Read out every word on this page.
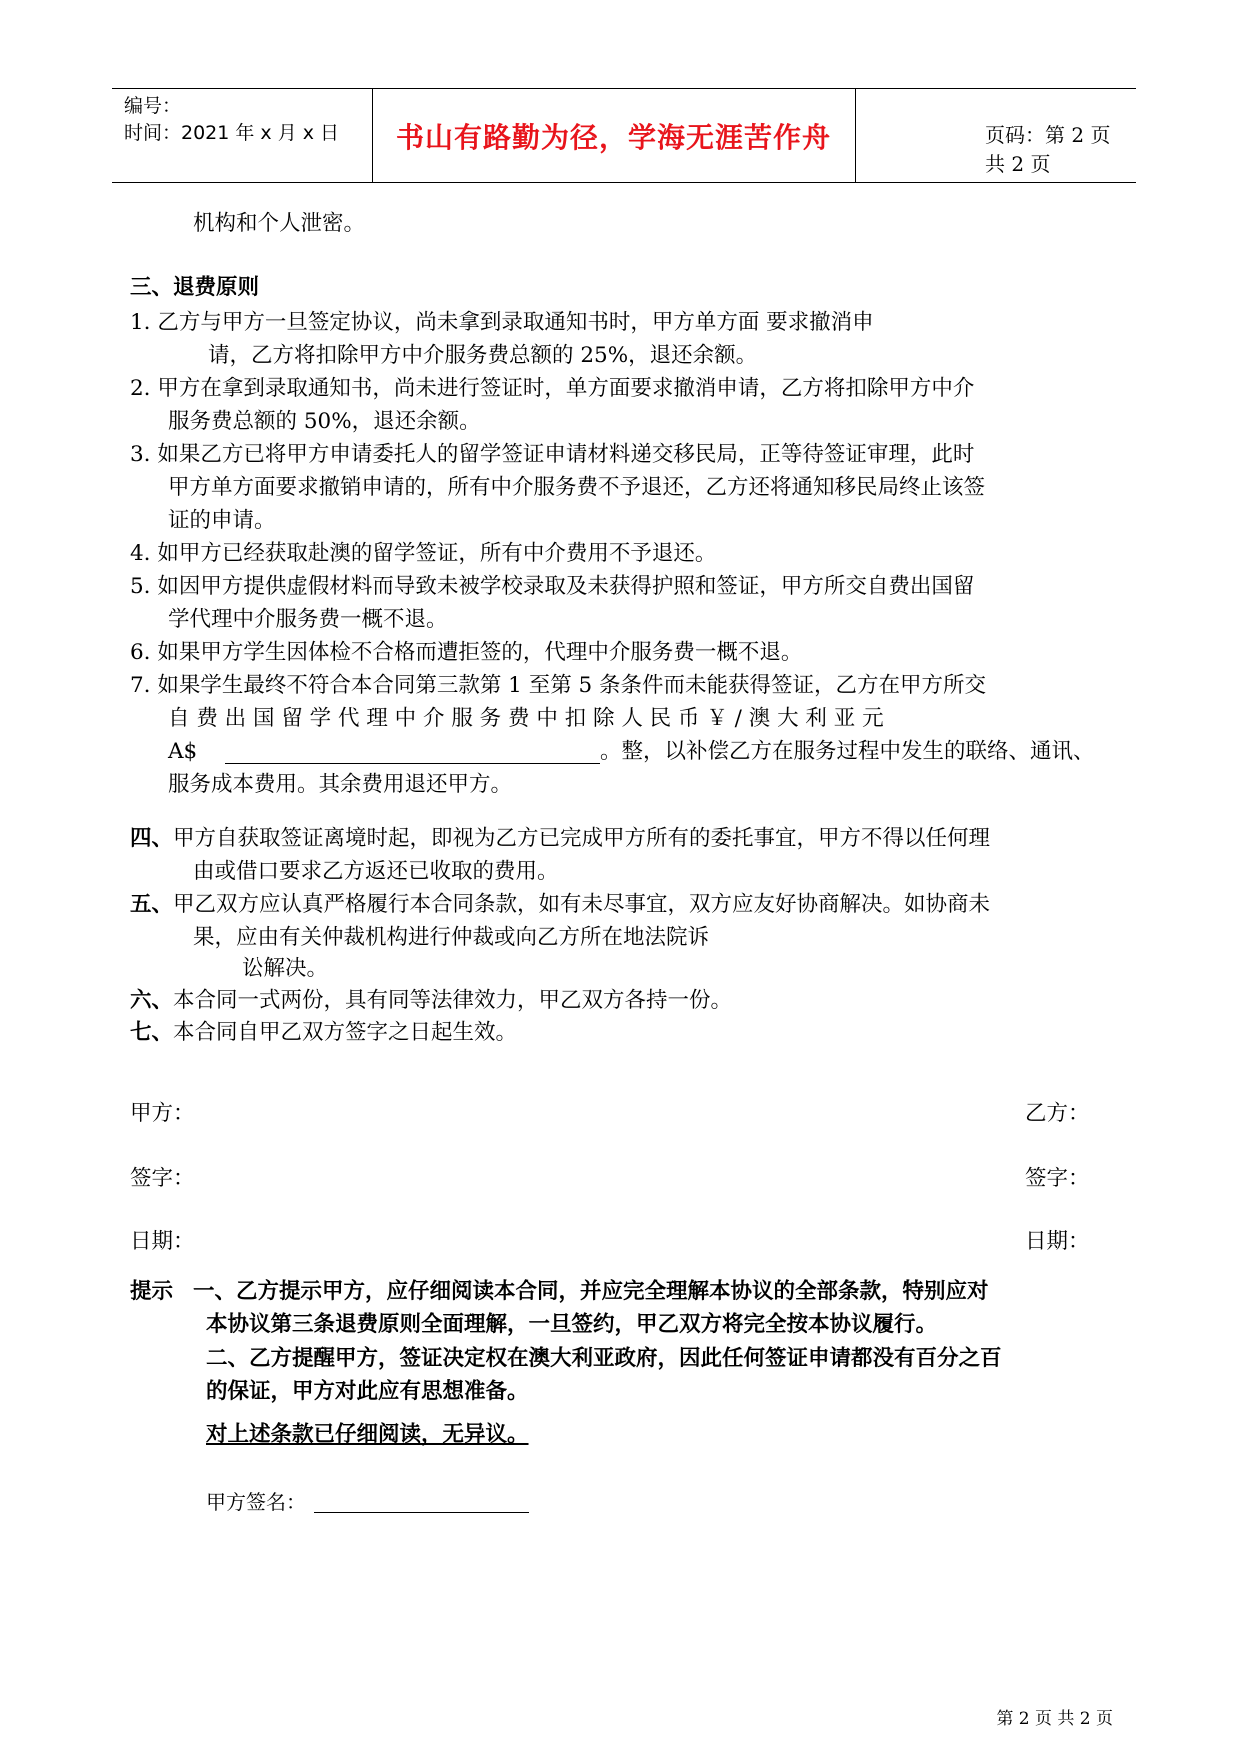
编号：
时间：2021 年 x 月 x 日	书山有路勤为径，学海无涯苦作舟	页码：第 2 页 共 2 页
机构和个人泄密。
三、退费原则
1. 乙方与甲方一旦签定协议，尚未拿到录取通知书时，甲方单方面 要求撤消申
请，乙方将扣除甲方中介服务费总额的 25%，退还余额。
2. 甲方在拿到录取通知书，尚未进行签证时，单方面要求撤消申请，乙方将扣除甲方中介
服务费总额的 50%，退还余额。
3. 如果乙方已将甲方申请委托人的留学签证申请材料递交移民局，正等待签证审理，此时
甲方单方面要求撤销申请的，所有中介服务费不予退还，乙方还将通知移民局终止该签
证的申请。
4. 如甲方已经获取赴澳的留学签证，所有中介费用不予退还。
5. 如因甲方提供虚假材料而导致未被学校录取及未获得护照和签证，甲方所交自费出国留
学代理中介服务费一概不退。
6. 如果甲方学生因体检不合格而遭拒签的，代理中介服务费一概不退。
7. 如果学生最终不符合本合同第三款第 1 至第 5 条条件而未能获得签证，乙方在甲方所交
自 费 出 国 留 学 代 理 中 介 服 务 费 中 扣 除 人 民 币 ￥ / 澳 大 利 亚 元
A$	。整，以补偿乙方在服务过程中发生的联络、通讯、
服务成本费用。其余费用退还甲方。
四、甲方自获取签证离境时起，即视为乙方已完成甲方所有的委托事宜，甲方不得以任何理
由或借口要求乙方返还已收取的费用。
五、甲乙双方应认真严格履行本合同条款，如有未尽事宜，双方应友好协商解决。如协商未
果，应由有关仲裁机构进行仲裁或向乙方所在地法院诉
讼解决。
六、本合同一式两份，具有同等法律效力，甲乙双方各持一份。
七、本合同自甲乙双方签字之日起生效。
甲方：	乙方：
签字：	签字：
日期：	日期：
提示 一、乙方提示甲方，应仔细阅读本合同，并应完全理解本协议的全部条款，特别应对
本协议第三条退费原则全面理解，一旦签约，甲乙双方将完全按本协议履行。
二、乙方提醒甲方，签证决定权在澳大利亚政府，因此任何签证申请都没有百分之百
的保证，甲方对此应有思想准备。
对上述条款已仔细阅读，无异议。
甲方签名：
第 2 页 共 2 页
